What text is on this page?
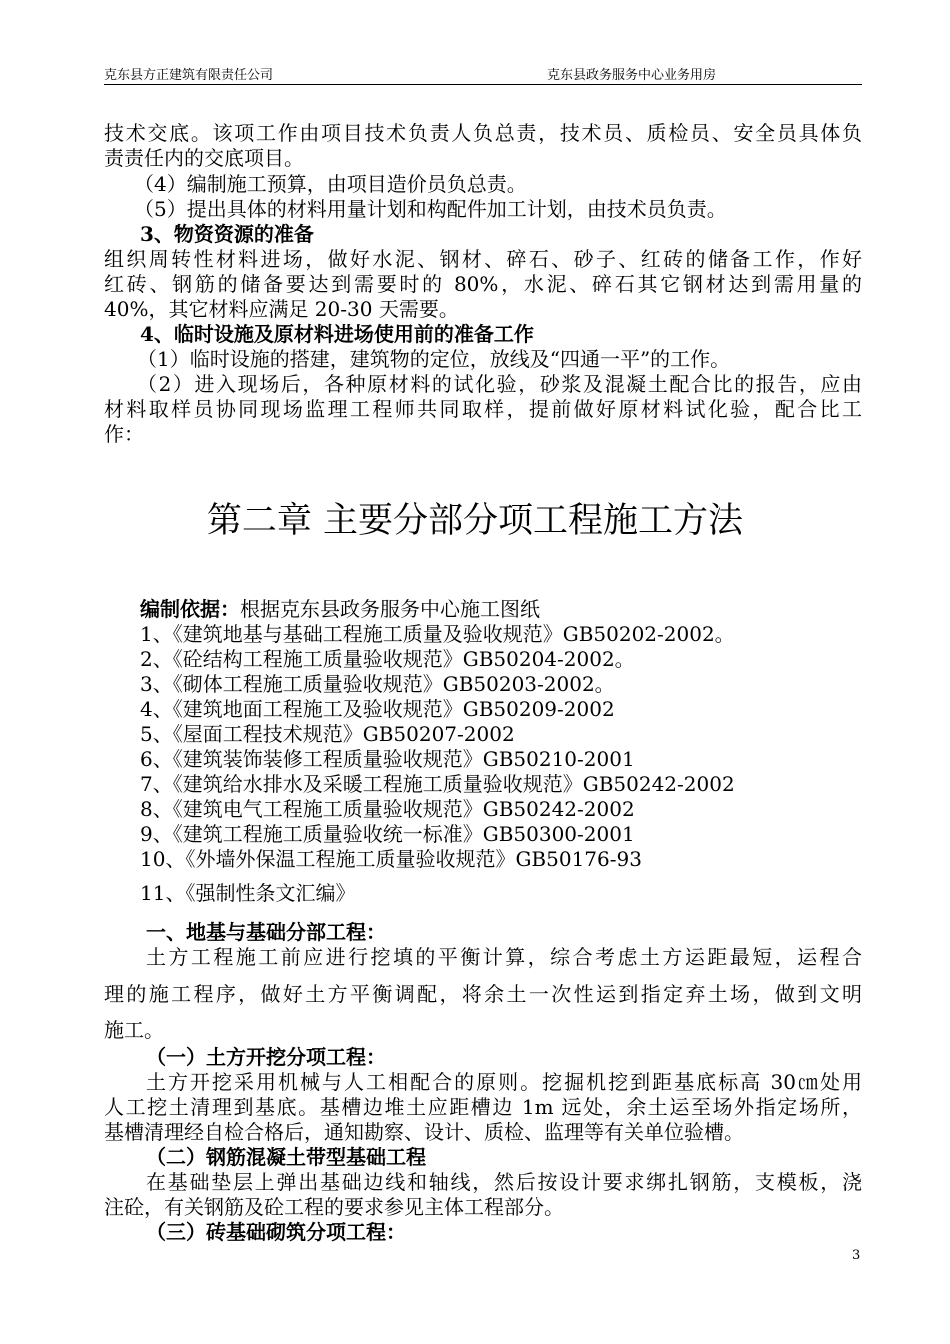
克东县方正建筑有限责任公司	克东县政务服务中心业务用房
技术交底。该项工作由项目技术负责人负总责，技术员、质检员、安全员具体负
责责任内的交底项目。
（4）编制施工预算，由项目造价员负总责。
（5）提出具体的材料用量计划和构配件加工计划，由技术员负责。
3、物资资源的准备
组织周转性材料进场，做好水泥、钢材、碎石、砂子、红砖的储备工作，作好
红砖、钢筋的储备要达到需要时的 80%，水泥、碎石其它钢材达到需用量的
40%，其它材料应满足 20-30 天需要。
4、临时设施及原材料进场使用前的准备工作
（1）临时设施的搭建，建筑物的定位，放线及“四通一平”的工作。
（2）进入现场后，各种原材料的试化验，砂浆及混凝土配合比的报告，应由
材料取样员协同现场监理工程师共同取样，提前做好原材料试化验，配合比工
作：
第二章 主要分部分项工程施工方法
编制依据：根据克东县政务服务中心施工图纸
1、《建筑地基与基础工程施工质量及验收规范》GB50202-2002。
2、《砼结构工程施工质量验收规范》GB50204-2002。
3、《砌体工程施工质量验收规范》GB50203-2002。
4、《建筑地面工程施工及验收规范》GB50209-2002
5、《屋面工程技术规范》GB50207-2002
6、《建筑装饰装修工程质量验收规范》GB50210-2001
7、《建筑给水排水及采暖工程施工质量验收规范》GB50242-2002
8、《建筑电气工程施工质量验收规范》GB50242-2002
9、《建筑工程施工质量验收统一标准》GB50300-2001
10、《外墙外保温工程施工质量验收规范》GB50176-93
11、《强制性条文汇编》
一、地基与基础分部工程：
土方工程施工前应进行挖填的平衡计算，综合考虑土方运距最短，运程合
理的施工程序，做好土方平衡调配，将余土一次性运到指定弃土场，做到文明
施工。
（一）土方开挖分项工程：
土方开挖采用机械与人工相配合的原则。挖掘机挖到距基底标高 30㎝处用
人工挖土清理到基底。基槽边堆土应距槽边 1m 远处，余土运至场外指定场所，
基槽清理经自检合格后，通知勘察、设计、质检、监理等有关单位验槽。
（二）钢筋混凝土带型基础工程
在基础垫层上弹出基础边线和轴线，然后按设计要求绑扎钢筋，支模板，浇
注砼，有关钢筋及砼工程的要求参见主体工程部分。
（三）砖基础砌筑分项工程：
3
